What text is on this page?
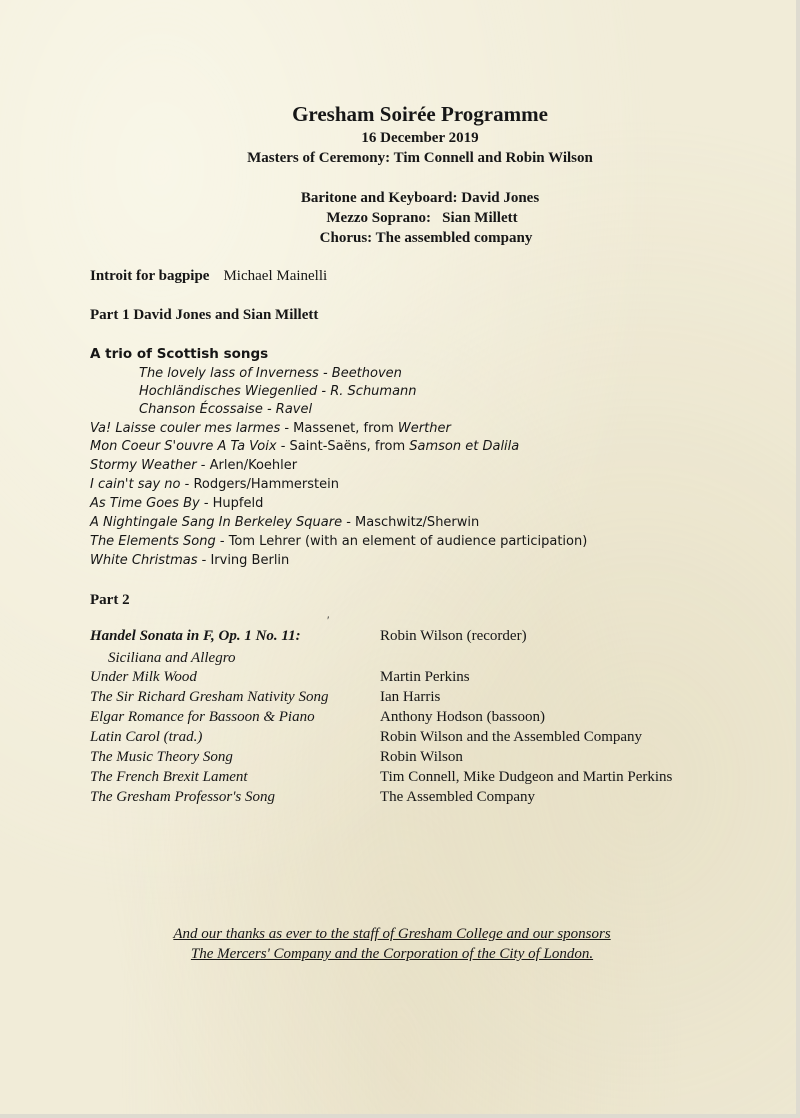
Gresham Soirée Programme
16 December 2019
Masters of Ceremony: Tim Connell and Robin Wilson
Baritone and Keyboard: David Jones
Mezzo Soprano:   Sian Millett
Chorus: The assembled company
Introit for bagpipe Michael Mainelli
Part 1 David Jones and Sian Millett
A trio of Scottish songs
The lovely lass of Inverness - Beethoven
Hochländisches Wiegenlied - R. Schumann
Chanson Écossaise - Ravel
Va! Laisse couler mes larmes - Massenet, from Werther
Mon Coeur S'ouvre A Ta Voix - Saint-Saëns, from Samson et Dalila
Stormy Weather - Arlen/Koehler
I cain't say no - Rodgers/Hammerstein
As Time Goes By - Hupfeld
A Nightingale Sang In Berkeley Square - Maschwitz/Sherwin
The Elements Song - Tom Lehrer (with an element of audience participation)
White Christmas - Irving Berlin
Part 2
′
Handel Sonata in F, Op. 1 No. 11:	Robin Wilson (recorder)
Siciliana and Allegro
Under Milk Wood	Martin Perkins
The Sir Richard Gresham Nativity Song	Ian Harris
Elgar Romance for Bassoon & Piano	Anthony Hodson (bassoon)
Latin Carol (trad.)	Robin Wilson and the Assembled Company
The Music Theory Song	Robin Wilson
The French Brexit Lament	Tim Connell, Mike Dudgeon and Martin Perkins
The Gresham Professor's Song	The Assembled Company
And our thanks as ever to the staff of Gresham College and our sponsors
The Mercers' Company and the Corporation of the City of London.
